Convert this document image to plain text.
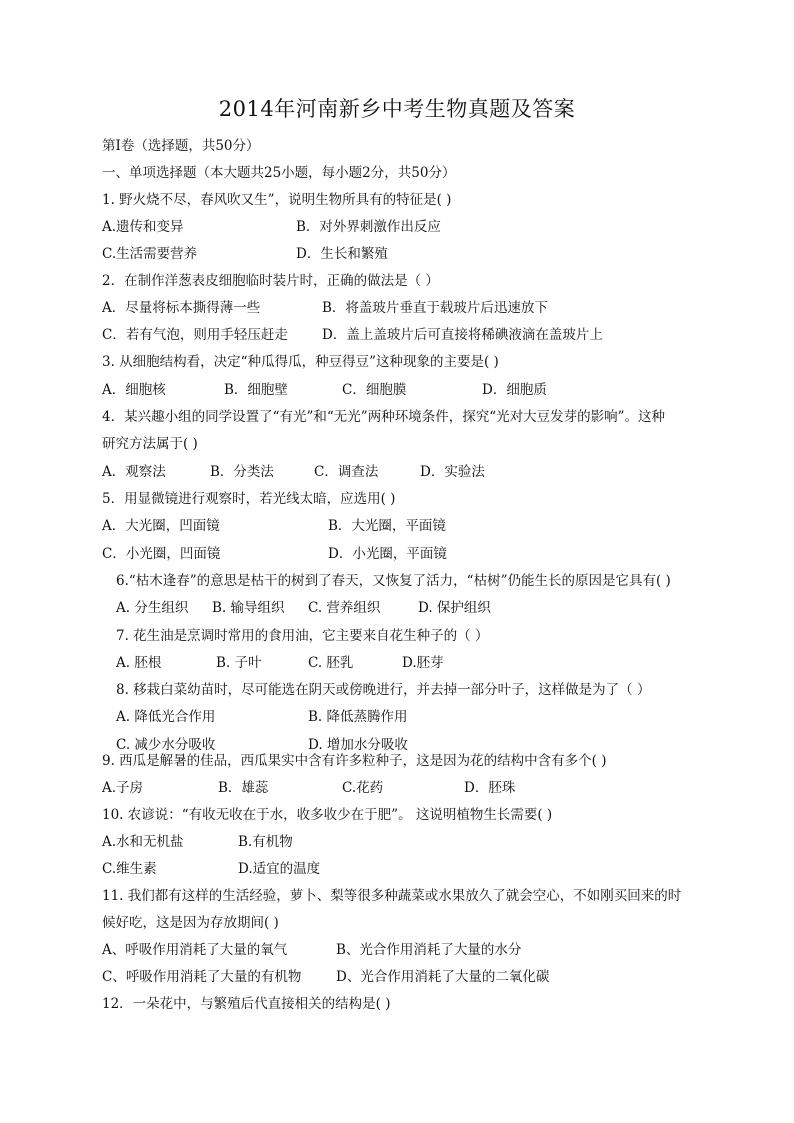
2014年河南新乡中考生物真题及答案
第Ⅰ卷（选择题，共50分）
一、单项选择题（本大题共25小题，每小题2分，共50分）
1. 野火烧不尽，春风吹又生”，说明生物所具有的特征是( )
A.遗传和变异	B．对外界刺激作出反应
C.生活需要营养	D．生长和繁殖
2．在制作洋葱表皮细胞临时装片时，正确的做法是（ ）
A．尽量将标本撕得薄一些	B．将盖玻片垂直于载玻片后迅速放下
C．若有气泡，则用手轻压赶走	D．盖上盖玻片后可直接将稀碘液滴在盖玻片上
3. 从细胞结构看，决定“种瓜得瓜，种豆得豆”这种现象的主要是( )
A．细胞核	B．细胞壁	C．细胞膜	D．细胞质
4．某兴趣小组的同学设置了“有光”和“无光”两种环境条件，探究“光对大豆发芽的影响”。这种
研究方法属于( )
A．观察法	B．分类法	C．调查法	D．实验法
5．用显微镜进行观察时，若光线太暗，应选用( )
A．大光圈，凹面镜	B．大光圈，平面镜
C．小光圈，凹面镜	D．小光圈，平面镜
6.“枯木逢春”的意思是枯干的树到了春天，又恢复了活力，“枯树”仍能生长的原因是它具有( )
A. 分生组织 B. 输导组织 C. 营养组织	D. 保护组织
7. 花生油是烹调时常用的食用油，它主要来自花生种子的（ ）
A. 胚根	B. 子叶	C. 胚乳	D.胚芽
8. 移栽白菜幼苗时，尽可能选在阴天或傍晚进行，并去掉一部分叶子，这样做是为了（ ）
A. 降低光合作用	B. 降低蒸腾作用
C. 减少水分吸收	D. 增加水分吸收
9. 西瓜是解暑的佳品，西瓜果实中含有许多粒种子，这是因为花的结构中含有多个( )
A.子房	B．雄蕊	C.花药	D．胚珠
10. 农谚说：“有收无收在于水，收多收少在于肥”。 这说明植物生长需要( )
A.水和无机盐	B.有机物
C.维生素	D.适宜的温度
11. 我们都有这样的生活经验，萝卜、梨等很多种蔬菜或水果放久了就会空心，不如刚买回来的时
候好吃，这是因为存放期间( )
A、呼吸作用消耗了大量的氧气	B、光合作用消耗了大量的水分
C、呼吸作用消耗了大量的有机物	D、光合作用消耗了大量的二氧化碳
12．一朵花中，与繁殖后代直接相关的结构是( )
